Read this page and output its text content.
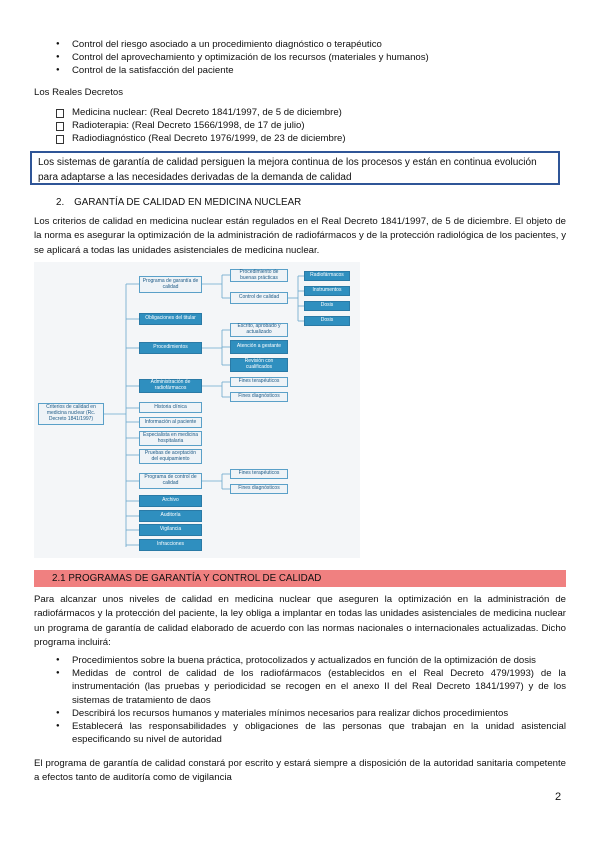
● Control del riesgo asociado a un procedimiento diagnóstico o terapéutico
● Control del aprovechamiento y optimización de los recursos (materiales y humanos)
● Control de la satisfacción del paciente
Los Reales Decretos
Medicina nuclear: (Real Decreto 1841/1997, de 5 de diciembre)
Radioterapia: (Real Decreto 1566/1998, de 17 de julio)
Radiodiagnóstico (Real Decreto 1976/1999, de 23 de diciembre)
Los sistemas de garantía de calidad persiguen la mejora continua de los procesos y están en continua evolución para adaptarse a las necesidades derivadas de la demanda de calidad
2. GARANTÍA DE CALIDAD EN MEDICINA NUCLEAR
Los criterios de calidad en medicina nuclear están regulados en el Real Decreto 1841/1997, de 5 de diciembre. El objeto de la norma es asegurar la optimización de la administración de radiofármacos y de la protección radiológica de los pacientes, y se aplicará a todas las unidades asistenciales de medicina nuclear.
Criterios de calidad en medicina nuclear (Rc. Decreto 1841/1997)
Programa de garantía de calidad
Obligaciones del titular
Procedimientos
Administración de radiofármacos
Historia clínica
Información al paciente
Especialista en medicina hospitalaria
Pruebas de aceptación del equipamiento
Programa de control de calidad
Archivo
Auditoría
Vigilancia
Infracciones
Procedimiento de buenas prácticas
Control de calidad
Radiofármacos
Instrumentos
Dosis
Dosis
Escrito, aprobado y actualizado
Atención a gestante
Revisión con cualificados
Fines terapéuticos
Fines diagnósticos
Fines terapéuticos
Fines diagnósticos
2.1 PROGRAMAS DE GARANTÍA Y CONTROL DE CALIDAD
Para alcanzar unos niveles de calidad en medicina nuclear que aseguren la optimización en la administración de radiofármacos y la protección del paciente, la ley obliga a implantar en todas las unidades asistenciales de medicina nuclear un programa de garantía de calidad elaborado de acuerdo con las normas nacionales o internacionales actualizadas. Dicho programa incluirá:
● Procedimientos sobre la buena práctica, protocolizados y actualizados en función de la optimización de dosis
● Medidas de control de calidad de los radiofármacos (establecidos en el Real Decreto 479/1993) de la instrumentación (las pruebas y periodicidad se recogen en el anexo II del Real Decreto 1841/1997) y de los sistemas de tratamiento de daos
● Describirá los recursos humanos y materiales mínimos necesarios para realizar dichos procedimientos
● Establecerá las responsabilidades y obligaciones de las personas que trabajan en la unidad asistencial especificando su nivel de autoridad
El programa de garantía de calidad constará por escrito y estará siempre a disposición de la autoridad sanitaria competente a efectos tanto de auditoría como de vigilancia
2
